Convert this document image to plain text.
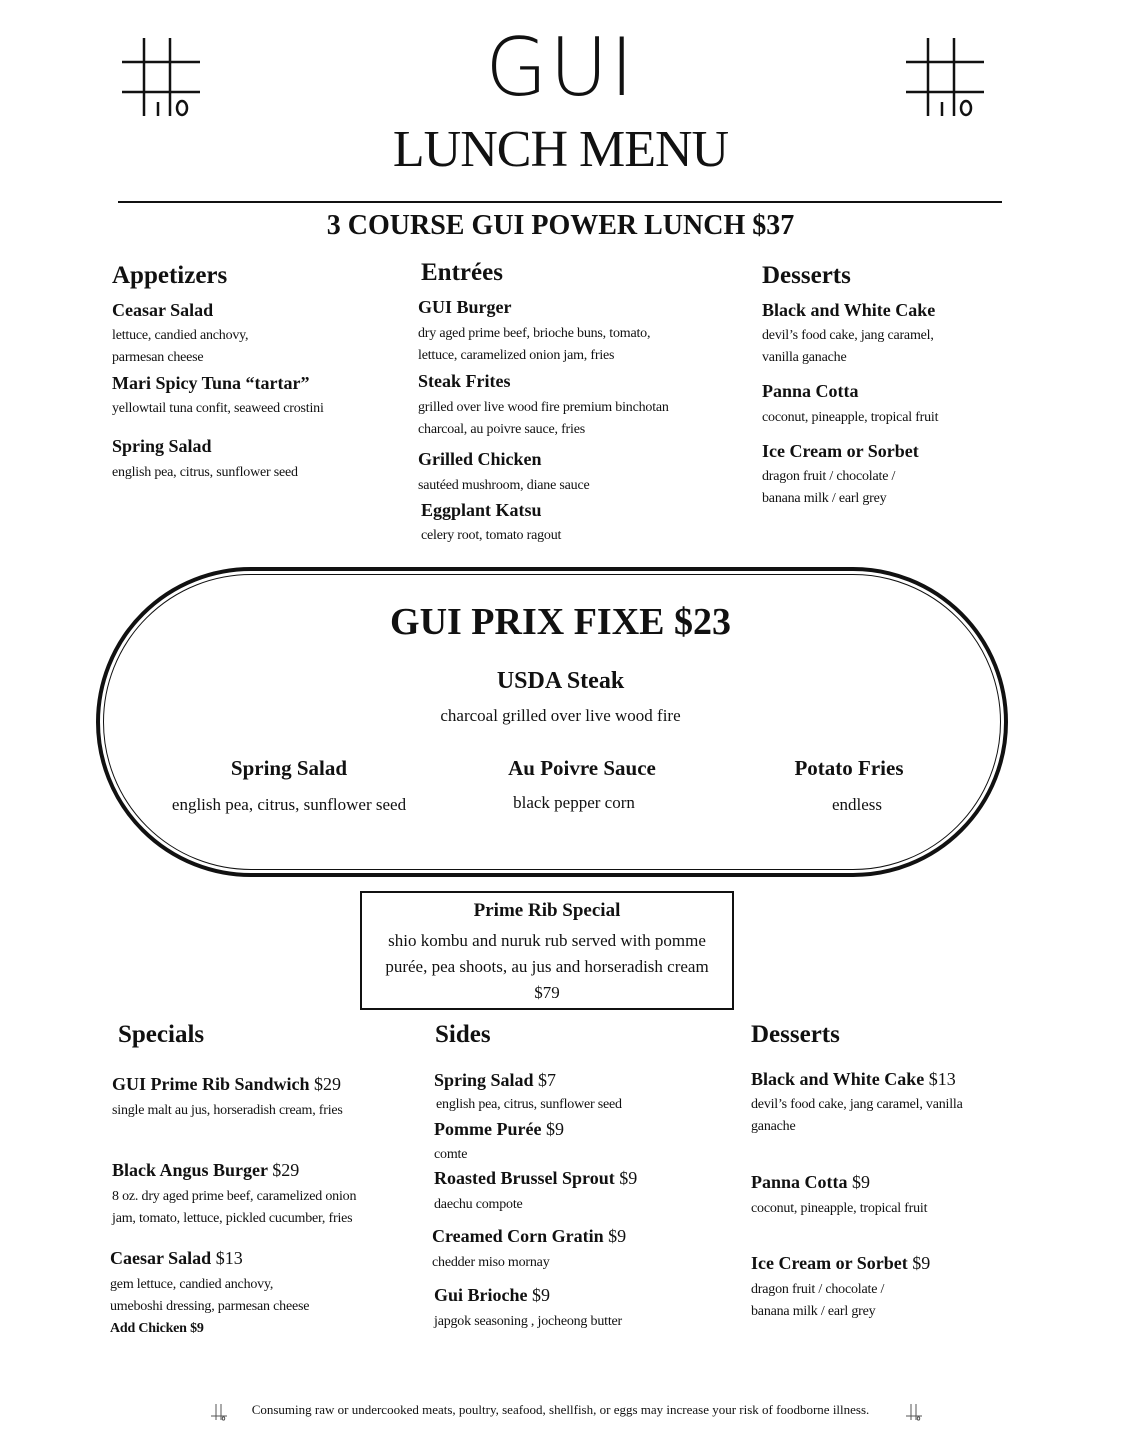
GUI
LUNCH MENU
3 COURSE GUI POWER LUNCH $37
Appetizers
Ceasar Salad
lettuce, candied anchovy,
parmesan cheese
Mari Spicy Tuna “tartar”
yellowtail tuna confit, seaweed crostini
Spring Salad
english pea, citrus, sunflower seed
Entrées
GUI Burger
dry aged prime beef, brioche buns, tomato,
lettuce, caramelized onion jam, fries
Steak Frites
grilled over live wood fire premium binchotan
charcoal, au poivre sauce, fries
Grilled Chicken
sautéed mushroom, diane sauce
Eggplant Katsu
celery root, tomato ragout
Desserts
Black and White Cake
devil’s food cake, jang caramel,
vanilla ganache
Panna Cotta
coconut, pineapple, tropical fruit
Ice Cream or Sorbet
dragon fruit / chocolate /
banana milk / earl grey
GUI PRIX FIXE $23
USDA Steak
charcoal grilled over live wood fire
Spring Salad
english pea, citrus, sunflower seed
Au Poivre Sauce
black pepper corn
Potato Fries
endless
Prime Rib Special
shio kombu and nuruk rub served with pomme
purée, pea shoots, au jus and horseradish cream
$79
Specials
GUI Prime Rib Sandwich $29
single malt au jus, horseradish cream, fries
Black Angus Burger $29
8 oz. dry aged prime beef, caramelized onion
jam, tomato, lettuce, pickled cucumber, fries
Caesar Salad $13
gem lettuce, candied anchovy,
umeboshi dressing, parmesan cheese
Add Chicken $9
Sides
Spring Salad $7
english pea, citrus, sunflower seed
Pomme Purée $9
comte
Roasted Brussel Sprout $9
daechu compote
Creamed Corn Gratin $9
chedder miso mornay
Gui Brioche $9
japgok seasoning , jocheong butter
Desserts
Black and White Cake $13
devil’s food cake, jang caramel, vanilla
ganache
Panna Cotta $9
coconut, pineapple, tropical fruit
Ice Cream or Sorbet $9
dragon fruit / chocolate /
banana milk / earl grey
Consuming raw or undercooked meats, poultry, seafood, shellfish, or eggs may increase your risk of foodborne illness.
